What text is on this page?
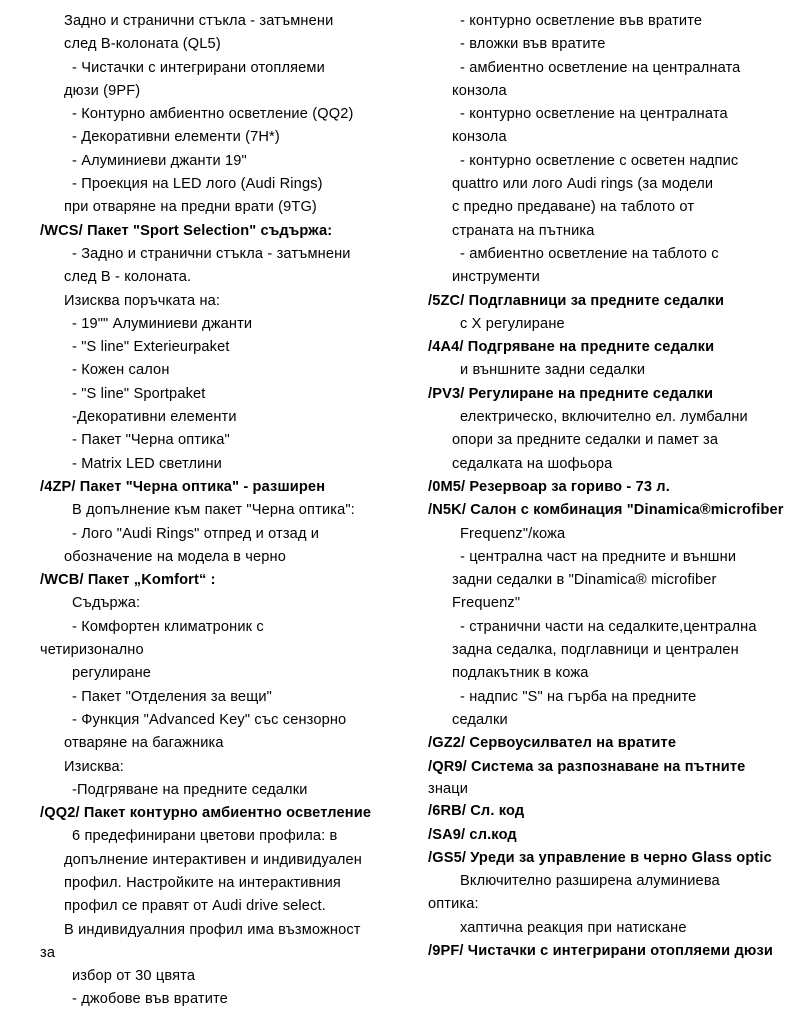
Задно и странични стъкла - затъмнени
след B-колоната (QL5)
- Чистачки с интегрирани отопляеми
дюзи (9PF)
- Контурно амбиентно осветление (QQ2)
- Декоративни елементи (7H*)
- Алуминиеви джанти 19"
- Проекция на LED лого (Audi Rings)
при отваряне на предни врати (9TG)
/WCS/ Пакет "Sport Selection" съдържа:
- Задно и странични стъкла - затъмнени
след В - колоната.
Изисква поръчката на:
- 19"" Алуминиеви джанти
- "S line" Exterieurpaket
- Кожен салон
- "S line" Sportpaket
-Декоративни елементи
- Пакет "Черна оптика"
- Matrix LED светлини
/4ZP/ Пакет "Черна оптика" - разширен
В допълнение към пакет "Черна оптика":
- Лого "Audi Rings" отпред и отзад и
обозначение на модела в черно
/WCB/ Пакет „Komfort“ :
Съдържа:
- Комфортен климатроник с
четиризонално
регулиране
- Пакет "Отделения за вещи"
- Функция "Advanced Key" със сензорно
отваряне на багажника
Изисква:
-Подгряване на предните седалки
/QQ2/ Пакет контурно амбиентно осветление
6 предефинирани цветови профила: в
допълнение интерактивен и индивидуален
профил. Настройките на интерактивния
профил се правят от Audi drive select.
В индивидуалния профил има възможност
за
избор от 30 цвята
- джобове във вратите
- контурно осветление във вратите
- вложки във вратите
- амбиентно осветление на централната
конзола
- контурно осветление на централната
конзола
- контурно осветление с осветен надпис
quattro или лого Audi rings (за модели
с предно предаване) на таблото от
страната на пътника
- амбиентно осветление на таблото с
инструменти
/5ZC/ Подглавници за предните седалки
с Х регулиране
/4A4/ Подгряване на предните седалки
и външните задни седалки
/PV3/ Регулиране на предните седалки
електрическо, включително ел. лумбални
опори за предните седалки и памет за
седалката на шофьора
/0M5/ Резервоар за гориво - 73 л.
/N5K/ Салон с комбинация "Dinamica®microfiber
Frequenz"/кожа
- централна част на предните и външни
задни седалки в "Dinamica® microfiber
Frequenz"
- странични части на седалките,централна
задна седалка, подглавници и централен
подлакътник в кожа
- надпис "S" на гърба на предните
седалки
/GZ2/ Сервоусилвател на вратите
/QR9/ Система за разпознаване на пътните
знаци
/6RB/ Сл. код
/SA9/ сл.код
/GS5/ Уреди за управление в черно Glass optic
Включително разширена алуминиева
оптика:
хаптична реакция при натискане
/9PF/ Чистачки с интегрирани отопляеми дюзи
